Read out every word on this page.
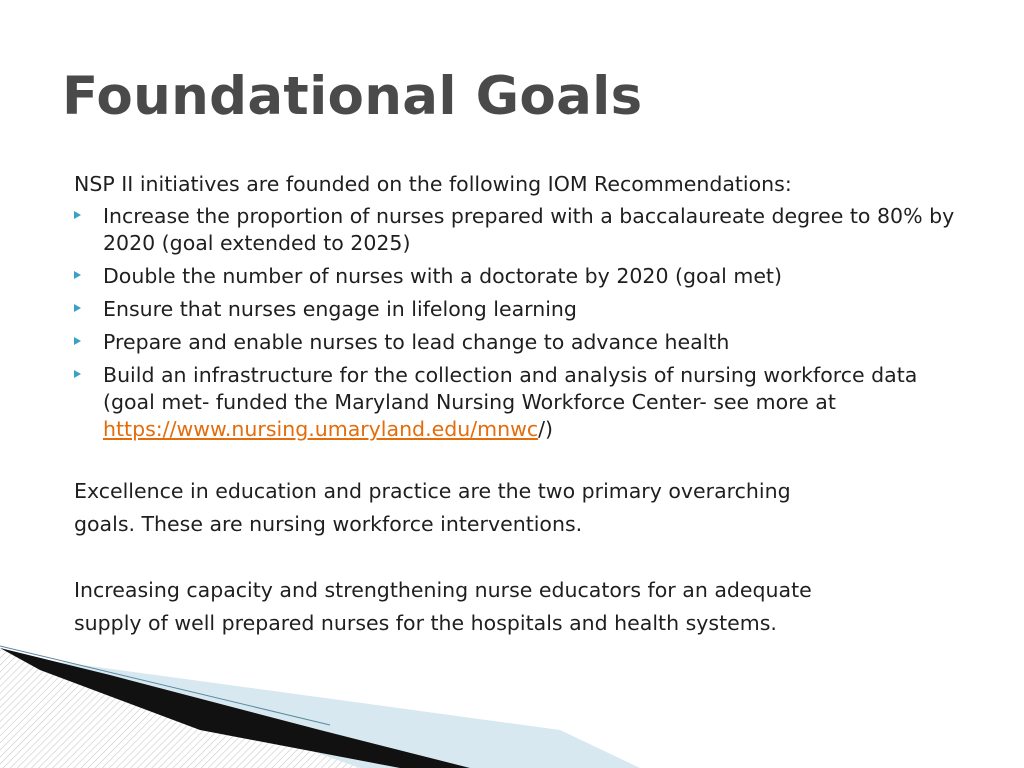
Foundational Goals

NSP II initiatives are founded on the following IOM Recommendations:

Increase the proportion of nurses prepared with a baccalaureate degree to 80% by 2020 (goal extended to 2025)
Double the number of nurses with a doctorate by 2020 (goal met)
Ensure that nurses engage in lifelong learning
Prepare and enable nurses to lead change to advance health
Build an infrastructure for the collection and analysis of nursing workforce data (goal met- funded the Maryland Nursing Workforce Center- see more at https://www.nursing.umaryland.edu/mnwc/)

Excellence in education and practice are the two primary overarching

goals. These are nursing workforce interventions.

Increasing capacity and strengthening nurse educators for an adequate

supply of well prepared nurses for the hospitals and health systems.
